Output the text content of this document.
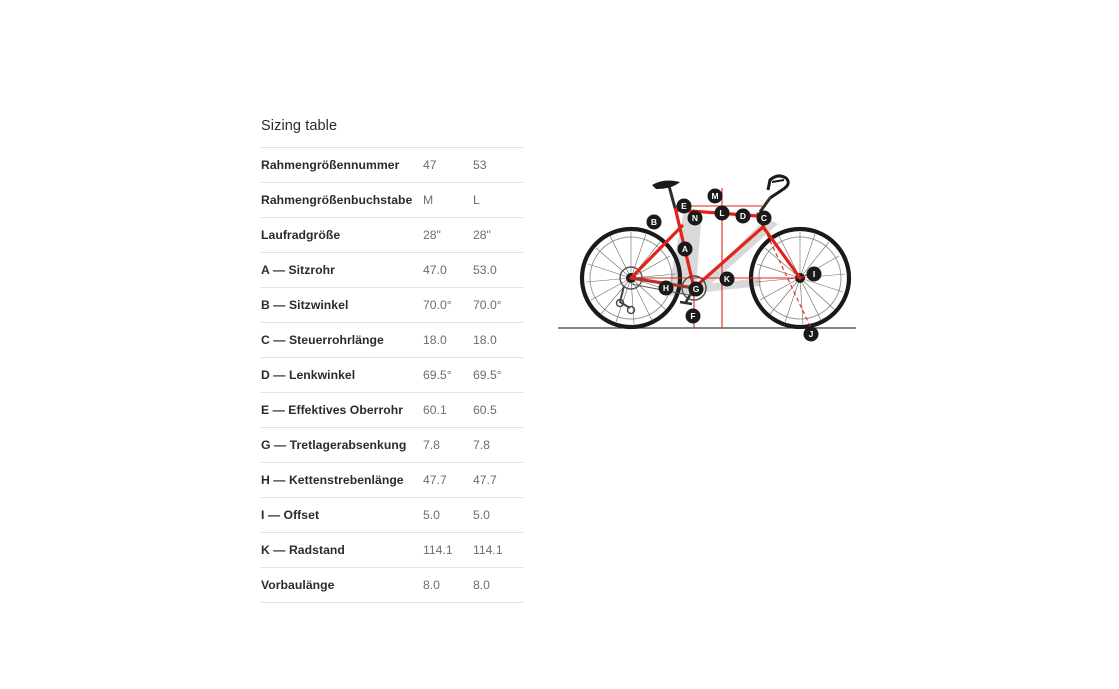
Sizing table
Rahmengrößennummer	47	53
Rahmengrößenbuchstabe	M	L
Laufradgröße	28"	28"
A — Sitzrohr	47.0	53.0
B — Sitzwinkel	70.0°	70.0°
C — Steuerrohrlänge	18.0	18.0
D — Lenkwinkel	69.5°	69.5°
E — Effektives Oberrohr	60.1	60.5
G — Tretlagerabsenkung	7.8	7.8
H — Kettenstrebenlänge	47.7	47.7
I — Offset	5.0	5.0
K — Radstand	114.1	114.1
Vorbaulänge	8.0	8.0
A
B	C
D
E
F
G
H
I
J
K
L
M
N
